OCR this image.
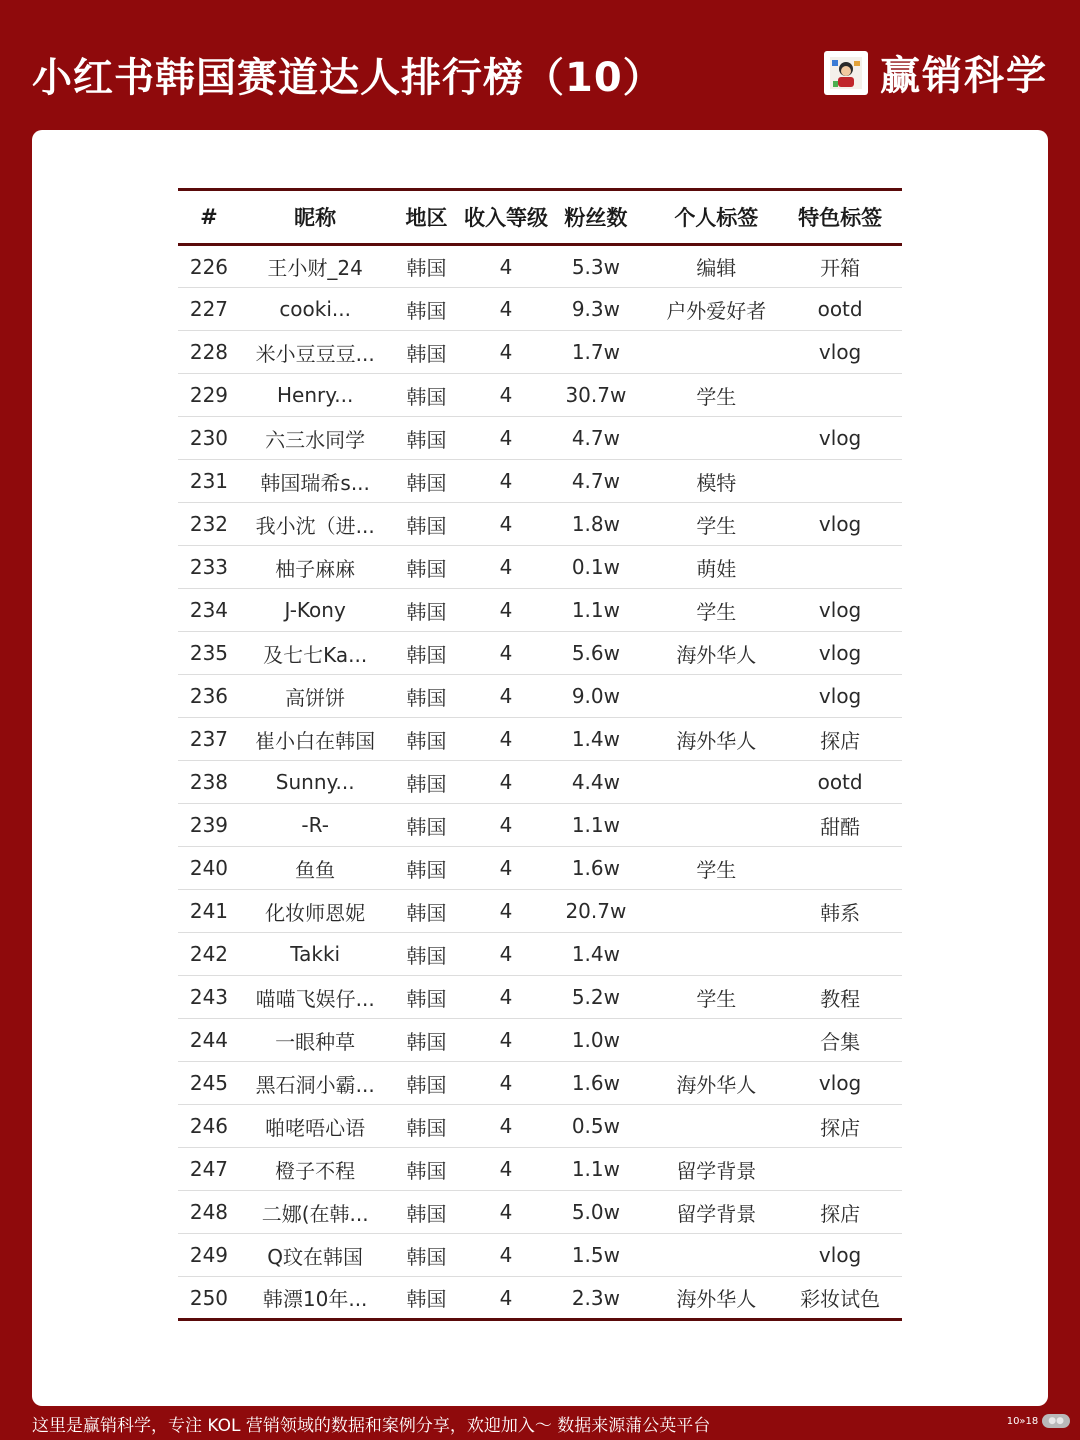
小红书韩国赛道达人排行榜（10）	赢销科学
#	昵称	地区	收入等级	粉丝数	个人标签	特色标签
226	王小财_24	韩国	4	5.3w	编辑	开箱
227	cooki...	韩国	4	9.3w	户外爱好者	ootd
228	米小豆豆豆...	韩国	4	1.7w		vlog
229	Henry...	韩国	4	30.7w	学生	
230	六三水同学	韩国	4	4.7w		vlog
231	韩国瑞希s...	韩国	4	4.7w	模特	
232	我小沈（进...	韩国	4	1.8w	学生	vlog
233	柚子麻麻	韩国	4	0.1w	萌娃	
234	J-Kony	韩国	4	1.1w	学生	vlog
235	及七七Ka...	韩国	4	5.6w	海外华人	vlog
236	高饼饼	韩国	4	9.0w		vlog
237	崔小白在韩国	韩国	4	1.4w	海外华人	探店
238	Sunny...	韩国	4	4.4w		ootd
239	-R-	韩国	4	1.1w		甜酷
240	鱼鱼	韩国	4	1.6w	学生	
241	化妆师恩妮	韩国	4	20.7w		韩系
242	Takki	韩国	4	1.4w		
243	喵喵飞娱仔...	韩国	4	5.2w	学生	教程
244	一眼种草	韩国	4	1.0w		合集
245	黑石洞小霸...	韩国	4	1.6w	海外华人	vlog
246	啪咾唔心语	韩国	4	0.5w		探店
247	橙子不程	韩国	4	1.1w	留学背景	
248	二娜(在韩...	韩国	4	5.0w	留学背景	探店
249	Q玟在韩国	韩国	4	1.5w		vlog
250	韩漂10年...	韩国	4	2.3w	海外华人	彩妆试色
这里是赢销科学，专注 KOL 营销领域的数据和案例分享，欢迎加入～ 数据来源蒲公英平台	10»18	●●
